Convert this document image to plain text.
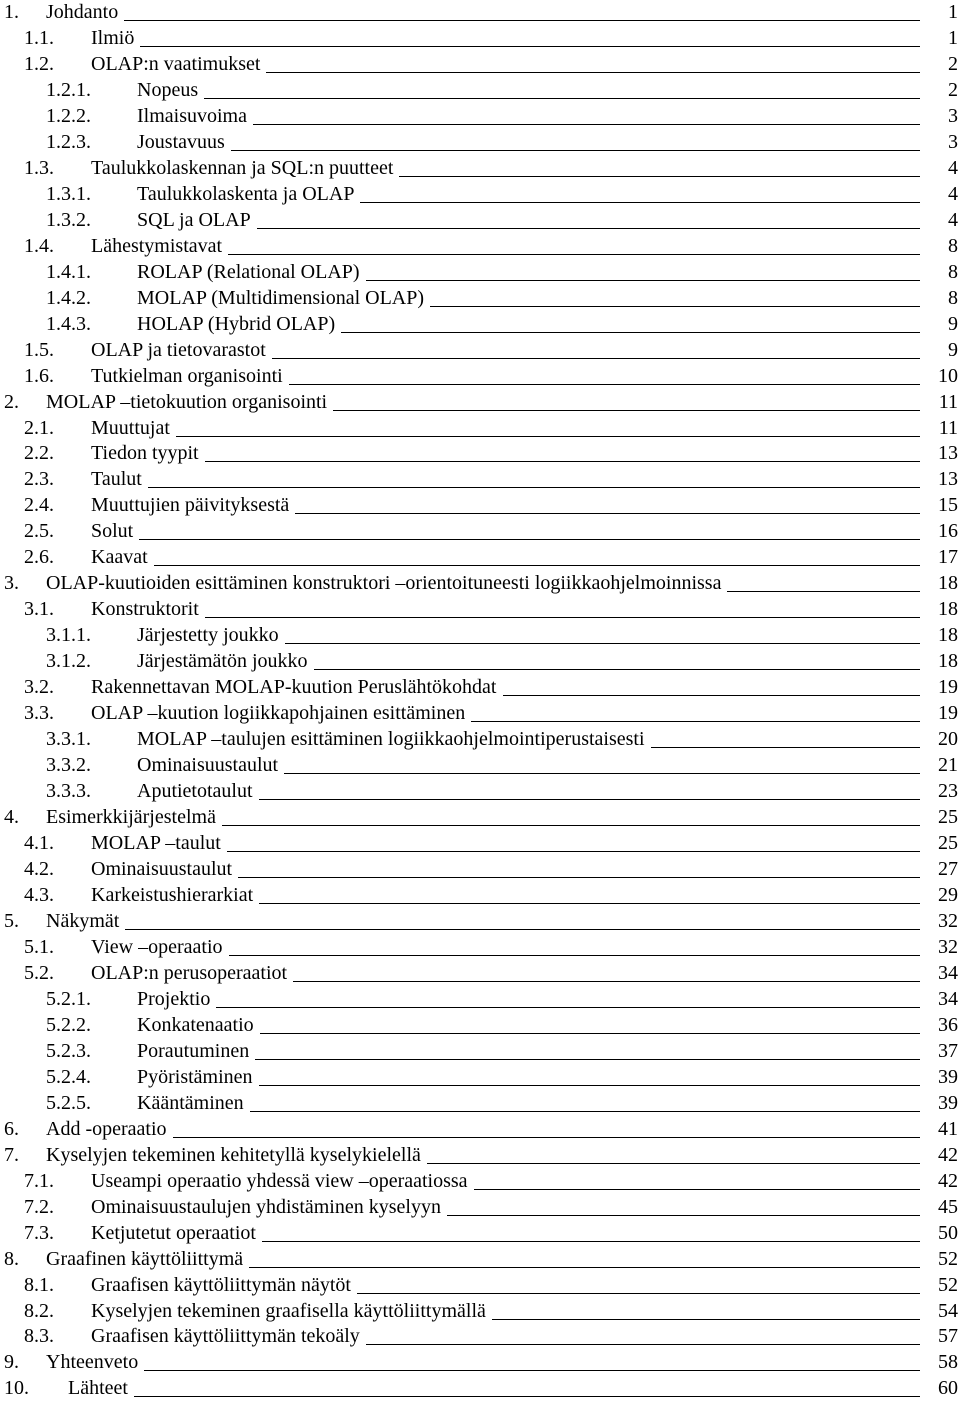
1. Johdanto	1
1.1. Ilmiö	1
1.2. OLAP:n vaatimukset	2
1.2.1. Nopeus	2
1.2.2. Ilmaisuvoima	3
1.2.3. Joustavuus	3
1.3. Taulukkolaskennan ja SQL:n puutteet	4
1.3.1. Taulukkolaskenta ja OLAP	4
1.3.2. SQL ja OLAP	4
1.4. Lähestymistavat	8
1.4.1. ROLAP (Relational OLAP)	8
1.4.2. MOLAP (Multidimensional OLAP)	8
1.4.3. HOLAP (Hybrid OLAP)	9
1.5. OLAP ja tietovarastot	9
1.6. Tutkielman organisointi	10
2. MOLAP –tietokuution organisointi	11
2.1. Muuttujat	11
2.2. Tiedon tyypit	13
2.3. Taulut	13
2.4. Muuttujien päivityksestä	15
2.5. Solut	16
2.6. Kaavat	17
3. OLAP-kuutioiden esittäminen konstruktori –orientoituneesti logiikkaohjelmoinnissa	18
3.1. Konstruktorit	18
3.1.1. Järjestetty joukko	18
3.1.2. Järjestämätön joukko	18
3.2. Rakennettavan MOLAP-kuution Peruslähtökohdat	19
3.3. OLAP –kuution logiikkapohjainen esittäminen	19
3.3.1. MOLAP –taulujen esittäminen logiikkaohjelmointiperustaisesti	20
3.3.2. Ominaisuustaulut	21
3.3.3. Aputietotaulut	23
4. Esimerkkijärjestelmä	25
4.1. MOLAP –taulut	25
4.2. Ominaisuustaulut	27
4.3. Karkeistushierarkiat	29
5. Näkymät	32
5.1. View –operaatio	32
5.2. OLAP:n perusoperaatiot	34
5.2.1. Projektio	34
5.2.2. Konkatenaatio	36
5.2.3. Porautuminen	37
5.2.4. Pyöristäminen	39
5.2.5. Kääntäminen	39
6. Add -operaatio	41
7. Kyselyjen tekeminen kehitetyllä kyselykielellä	42
7.1. Useampi operaatio yhdessä view –operaatiossa	42
7.2. Ominaisuustaulujen yhdistäminen kyselyyn	45
7.3. Ketjutetut operaatiot	50
8. Graafinen käyttöliittymä	52
8.1. Graafisen käyttöliittymän näytöt	52
8.2. Kyselyjen tekeminen graafisella käyttöliittymällä	54
8.3. Graafisen käyttöliittymän tekoäly	57
9. Yhteenveto	58
10. Lähteet	60
